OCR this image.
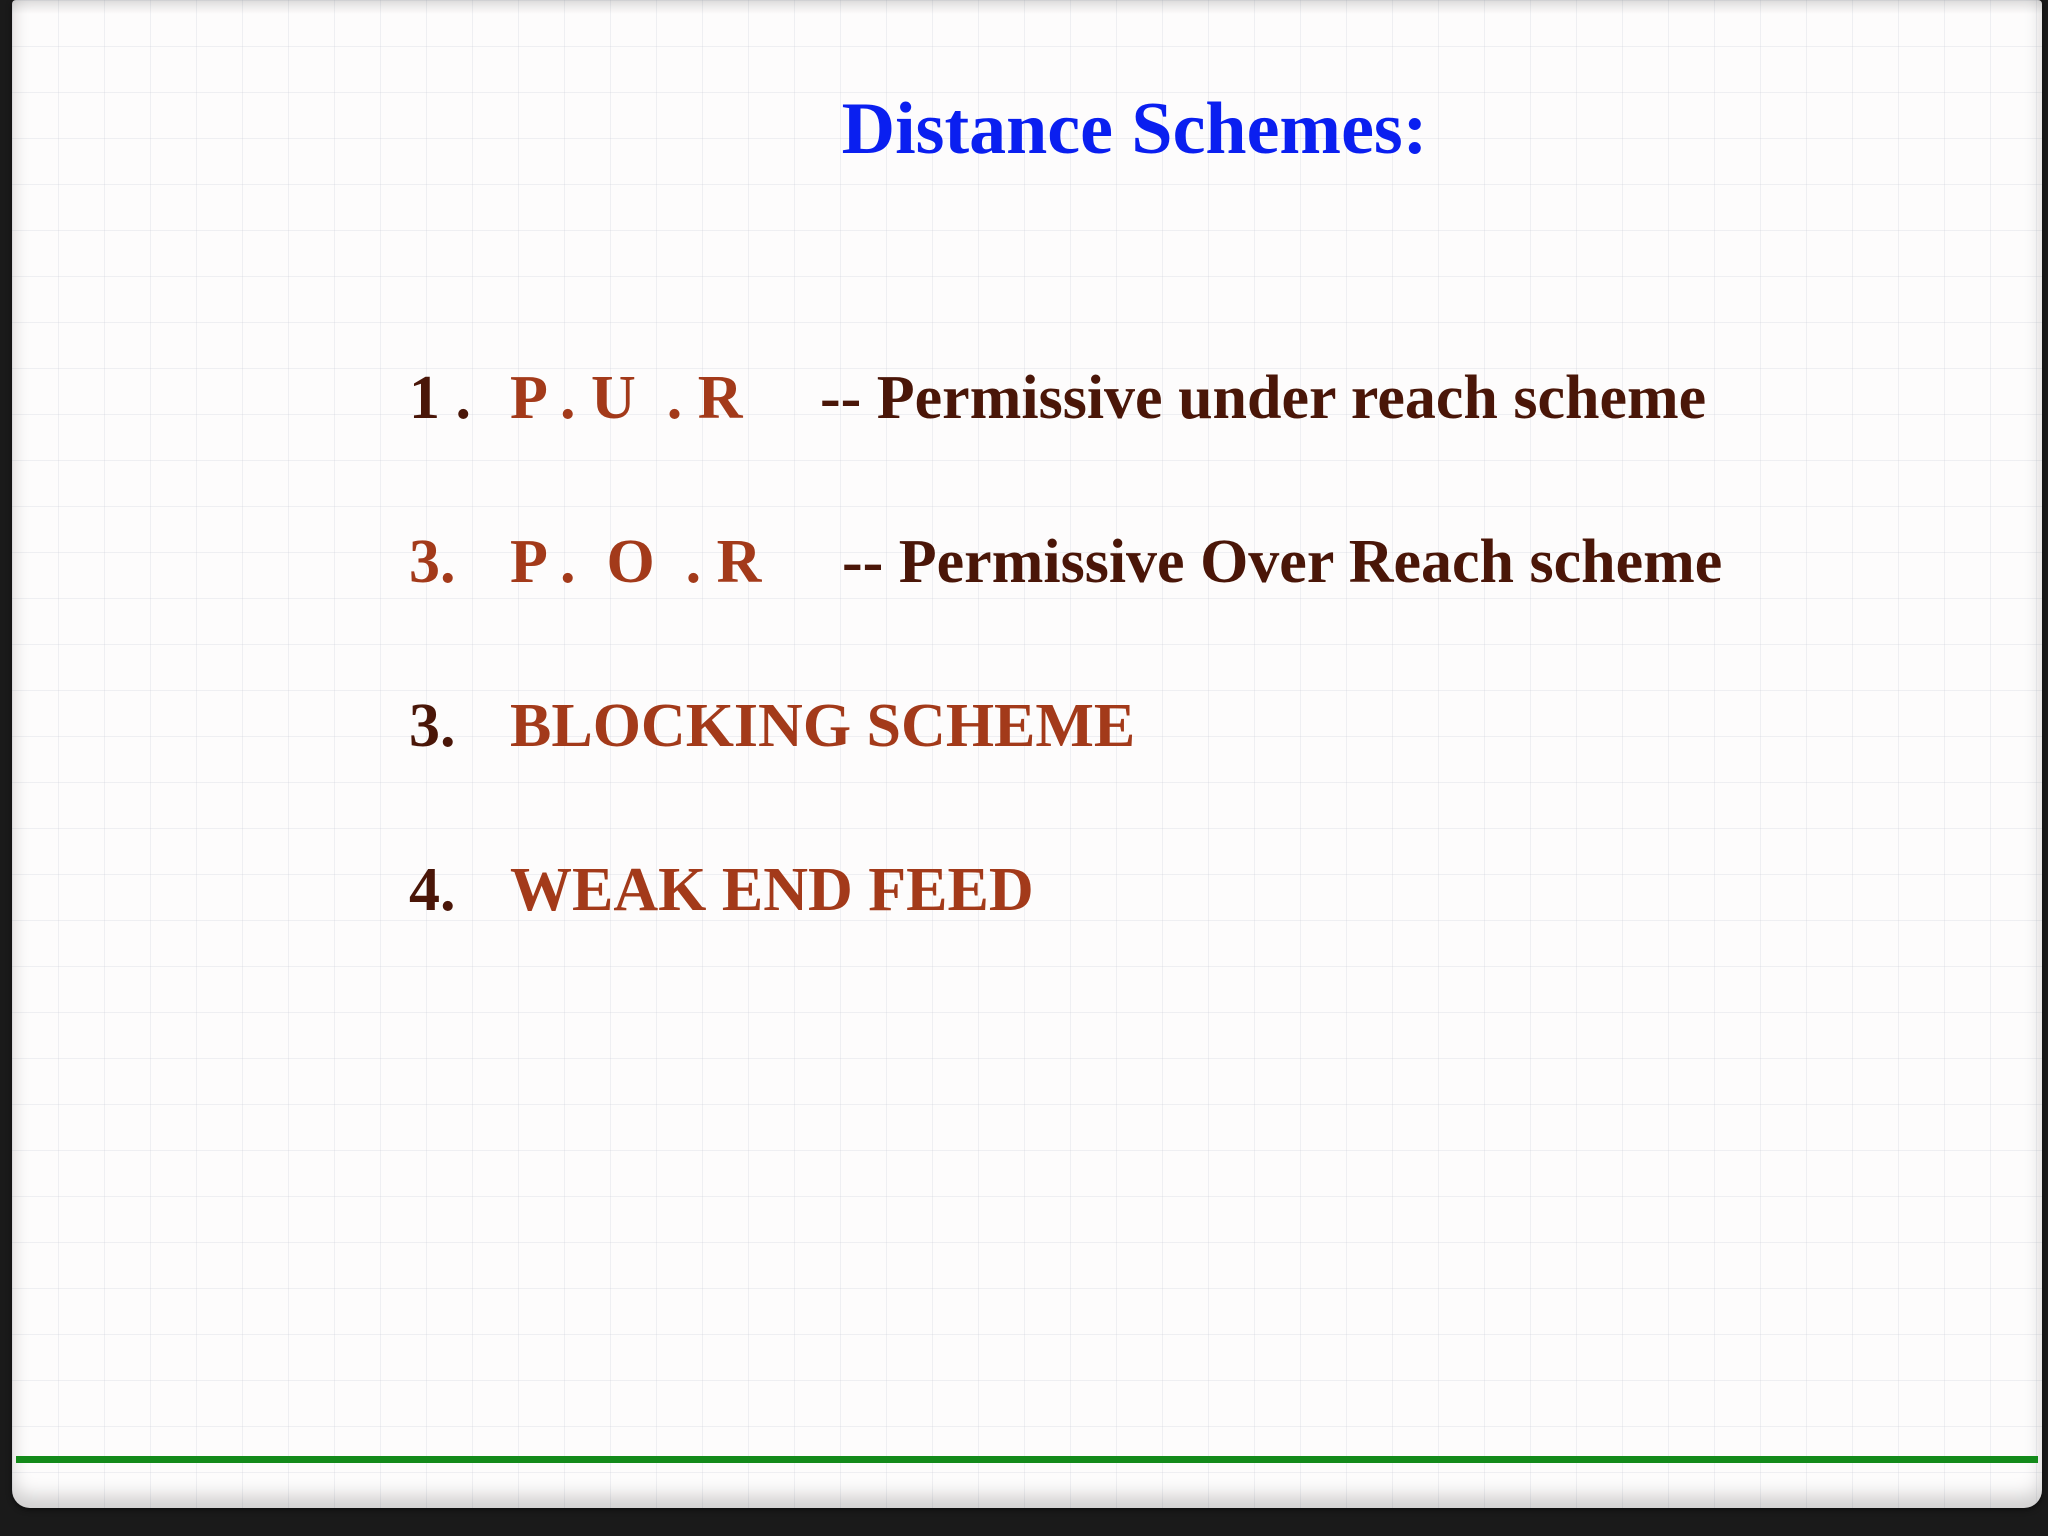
Distance Schemes:
1 . P . U  . R -- Permissive under reach scheme
3. P .  O  . R -- Permissive Over Reach scheme
3. BLOCKING SCHEME
4. WEAK END FEED
